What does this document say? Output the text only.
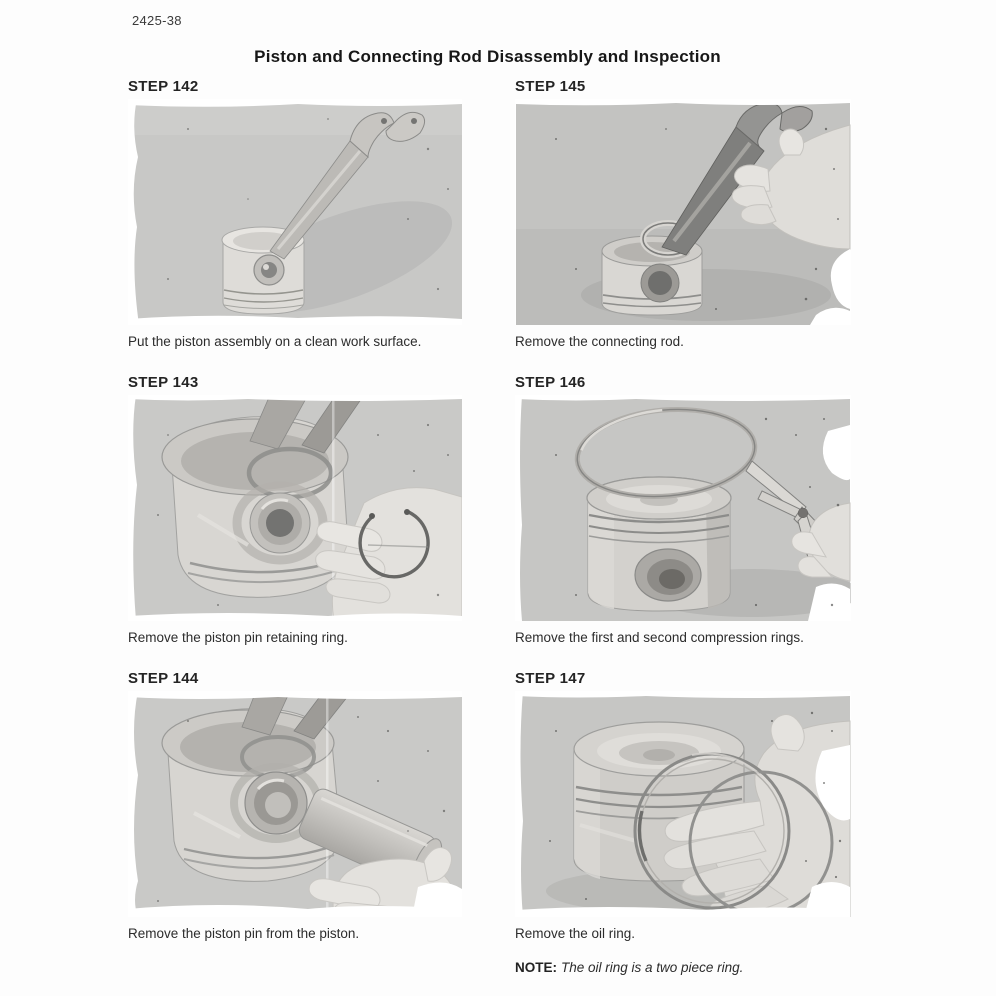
2425-38
Piston and Connecting Rod Disassembly and Inspection
STEP 142
Put the piston assembly on a clean work surface.
STEP 145
Remove the connecting rod.
STEP 143
Remove the piston pin retaining ring.
STEP 146
Remove the first and second compression rings.
STEP 144
Remove the piston pin from the piston.
STEP 147
Remove the oil ring.
NOTE: The oil ring is a two piece ring.
